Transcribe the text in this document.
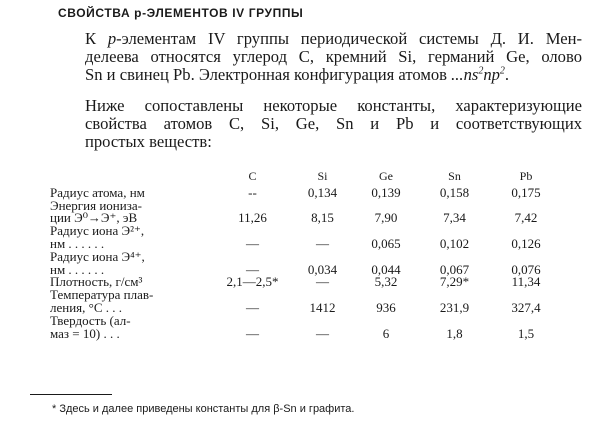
СВОЙСТВА p-ЭЛЕМЕНТОВ IV ГРУППЫ

К p-элементам IV группы периодической системы Д. И. Мен-
делеева относятся углерод C, кремний Si, германий Ge, олово
Sn и свинец Pb. Электронная конфигурация атомов $...ns^2np^2$.

Ниже сопоставлены некоторые константы, характеризующие
свойства атомов C, Si, Ge, Sn и Pb и соответствующих
простых веществ:

	C	Si	Ge	Sn	Pb

Радиус атома, нм	--	0,134	0,139	0,158	0,175

Энергия иониза-
ции Э⁰→Э⁺, эВ	11,26	8,15	7,90	7,34	7,42

Радиус иона Э²⁺,
нм . . . . . .	—	—	0,065	0,102	0,126

Радиус иона Э⁴⁺,
нм . . . . . .	—	0,034	0,044	0,067	0,076

Плотность, г/см³	2,1—2,5*	—	5,32	7,29*	11,34

Температура плав-
ления, °С . . .	—	1412	936	231,9	327,4

Твердость (ал-
маз = 10) . . .	—	—	6	1,8	1,5
* Здесь и далее приведены константы для β-Sn и графита.
